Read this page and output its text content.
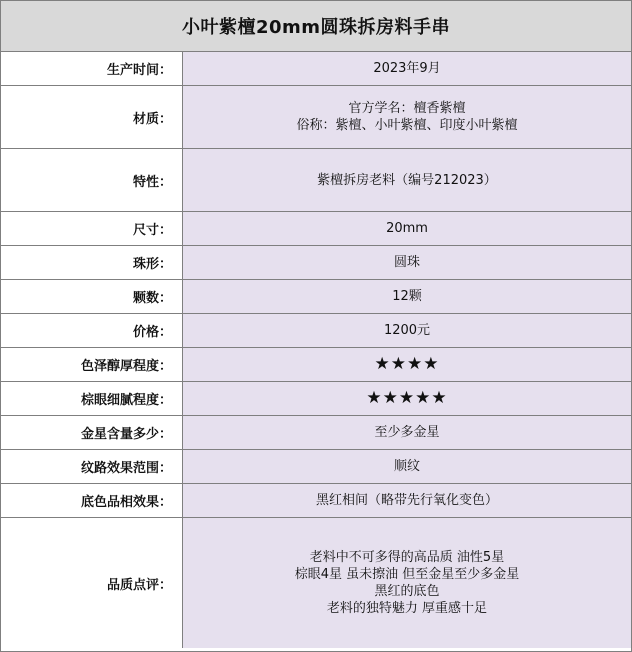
小叶紫檀20mm圆珠拆房料手串
生产时间：	2023年9月
材质：
官方学名：檀香紫檀
俗称：紫檀、小叶紫檀、印度小叶紫檀
特性：	紫檀拆房老料（编号212023）
尺寸：	20mm
珠形：	圆珠
颗数：	12颗
价格：	1200元
色泽醇厚程度：	★★★★
棕眼细腻程度：	★★★★★
金星含量多少：	至少多金星
纹路效果范围：	顺纹
底色品相效果：	黑红相间（略带先行氧化变色）
品质点评：
老料中不可多得的高品质 油性5星
棕眼4星 虽未擦油 但至金星至少多金星
黑红的底色
老料的独特魅力 厚重感十足
